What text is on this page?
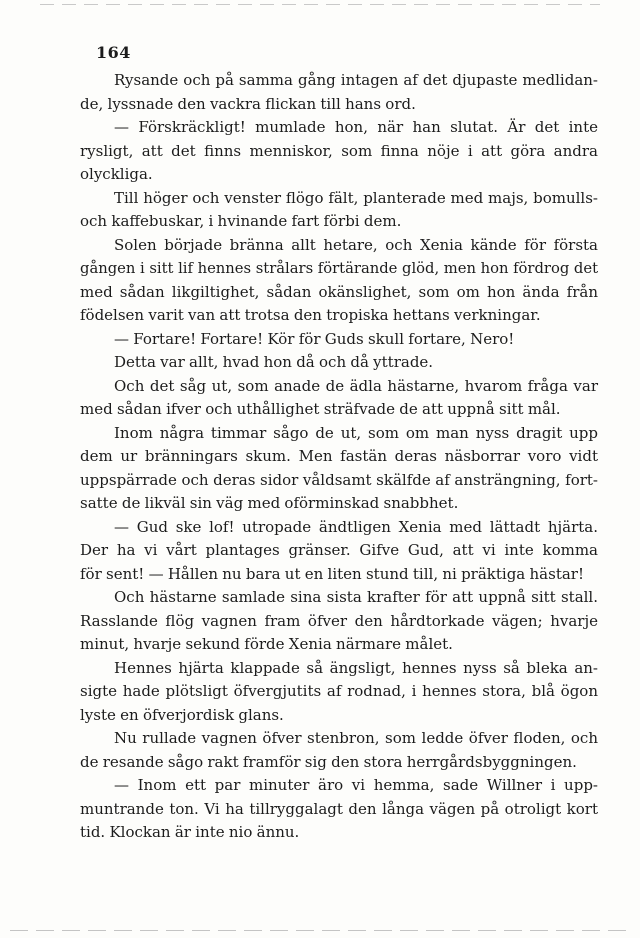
164
Rysande och på samma gång intagen af det djupaste medlidan-
de, lyssnade den vackra flickan till hans ord.
— Förskräckligt! mumlade hon, när han slutat. Är det inte
rysligt, att det finns menniskor, som finna nöje i att göra andra
olyckliga.
Till höger och venster flögo fält, planterade med majs, bomulls-
och kaffebuskar, i hvinande fart förbi dem.
Solen började bränna allt hetare, och Xenia kände för första
gången i sitt lif hennes strålars förtärande glöd, men hon fördrog det
med sådan likgiltighet, sådan okänslighet, som om hon ända från
födelsen varit van att trotsa den tropiska hettans verkningar.
— Fortare! Fortare! Kör för Guds skull fortare, Nero!
Detta var allt, hvad hon då och då yttrade.
Och det såg ut, som anade de ädla hästarne, hvarom fråga var
med sådan ifver och uthållighet sträfvade de att uppnå sitt mål.
Inom några timmar sågo de ut, som om man nyss dragit upp
dem ur bränningars skum. Men fastän deras näsborrar voro vidt
uppspärrade och deras sidor våldsamt skälfde af ansträngning, fort-
satte de likväl sin väg med oförminskad snabbhet.
— Gud ske lof! utropade ändtligen Xenia med lättadt hjärta.
Der ha vi vårt plantages gränser. Gifve Gud, att vi inte komma
för sent! — Hållen nu bara ut en liten stund till, ni präktiga hästar!
Och hästarne samlade sina sista krafter för att uppnå sitt stall.
Rasslande flög vagnen fram öfver den hårdtorkade vägen; hvarje
minut, hvarje sekund förde Xenia närmare målet.
Hennes hjärta klappade så ängsligt, hennes nyss så bleka an-
sigte hade plötsligt öfvergjutits af rodnad, i hennes stora, blå ögon
lyste en öfverjordisk glans.
Nu rullade vagnen öfver stenbron, som ledde öfver floden, och
de resande sågo rakt framför sig den stora herrgårdsbyggningen.
— Inom ett par minuter äro vi hemma, sade Willner i upp-
muntrande ton. Vi ha tillryggalagt den långa vägen på otroligt kort
tid. Klockan är inte nio ännu.
